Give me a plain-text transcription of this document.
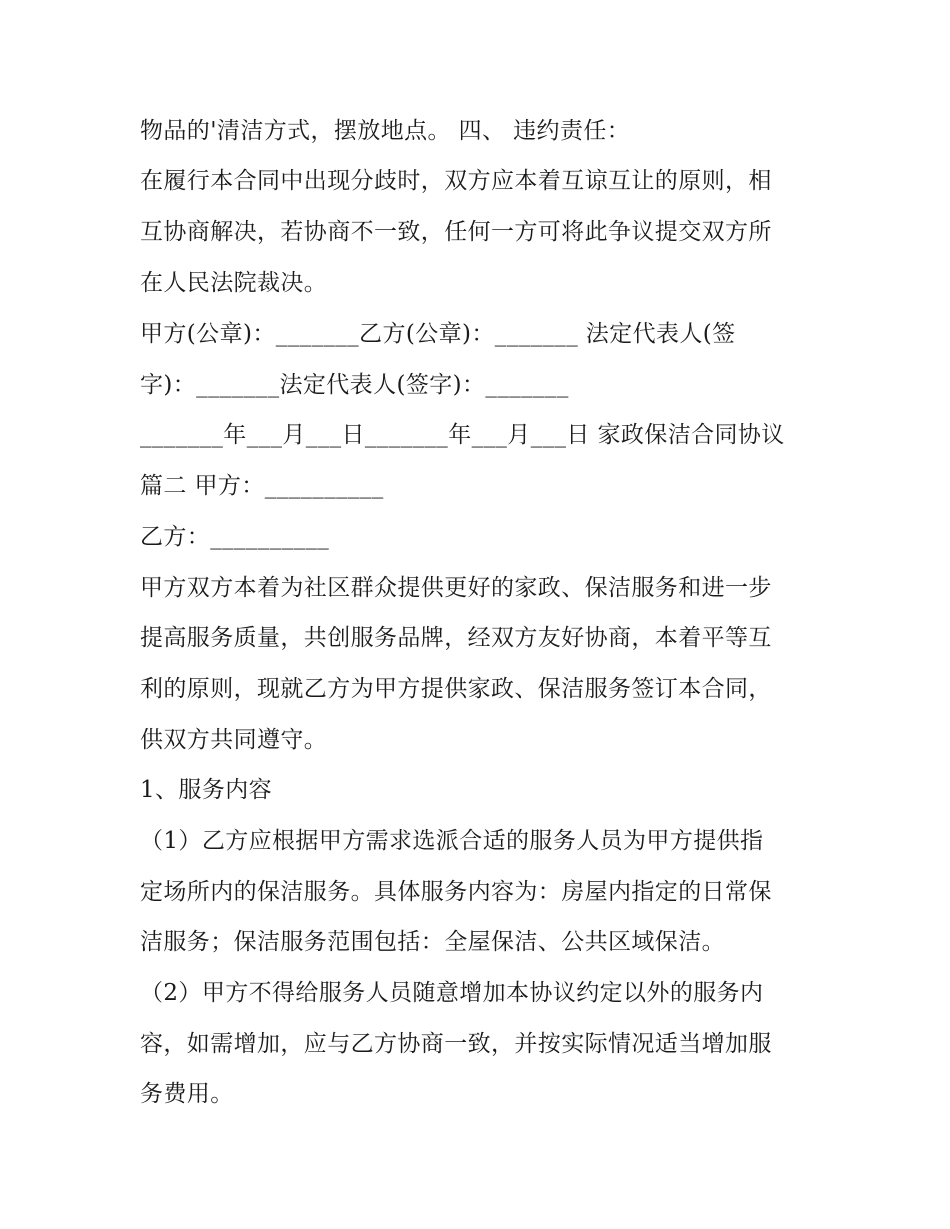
物品的'清洁方式，摆放地点。 四、 违约责任：

在履行本合同中出现分歧时，双方应本着互谅互让的原则，相

互协商解决，若协商不一致，任何一方可将此争议提交双方所

在人民法院裁决。

甲方(公章)：_______乙方(公章)：_______ 法定代表人(签

字)：_______法定代表人(签字)：_______

_______年___月___日_______年___月___日 家政保洁合同协议

篇二 甲方：__________

乙方：__________

甲方双方本着为社区群众提供更好的家政、保洁服务和进一步

提高服务质量，共创服务品牌，经双方友好协商，本着平等互

利的原则，现就乙方为甲方提供家政、保洁服务签订本合同，

供双方共同遵守。

1、服务内容

（1）乙方应根据甲方需求选派合适的服务人员为甲方提供指

定场所内的保洁服务。具体服务内容为：房屋内指定的日常保

洁服务；保洁服务范围包括：全屋保洁、公共区域保洁。

（2）甲方不得给服务人员随意增加本协议约定以外的服务内

容，如需增加，应与乙方协商一致，并按实际情况适当增加服

务费用。
